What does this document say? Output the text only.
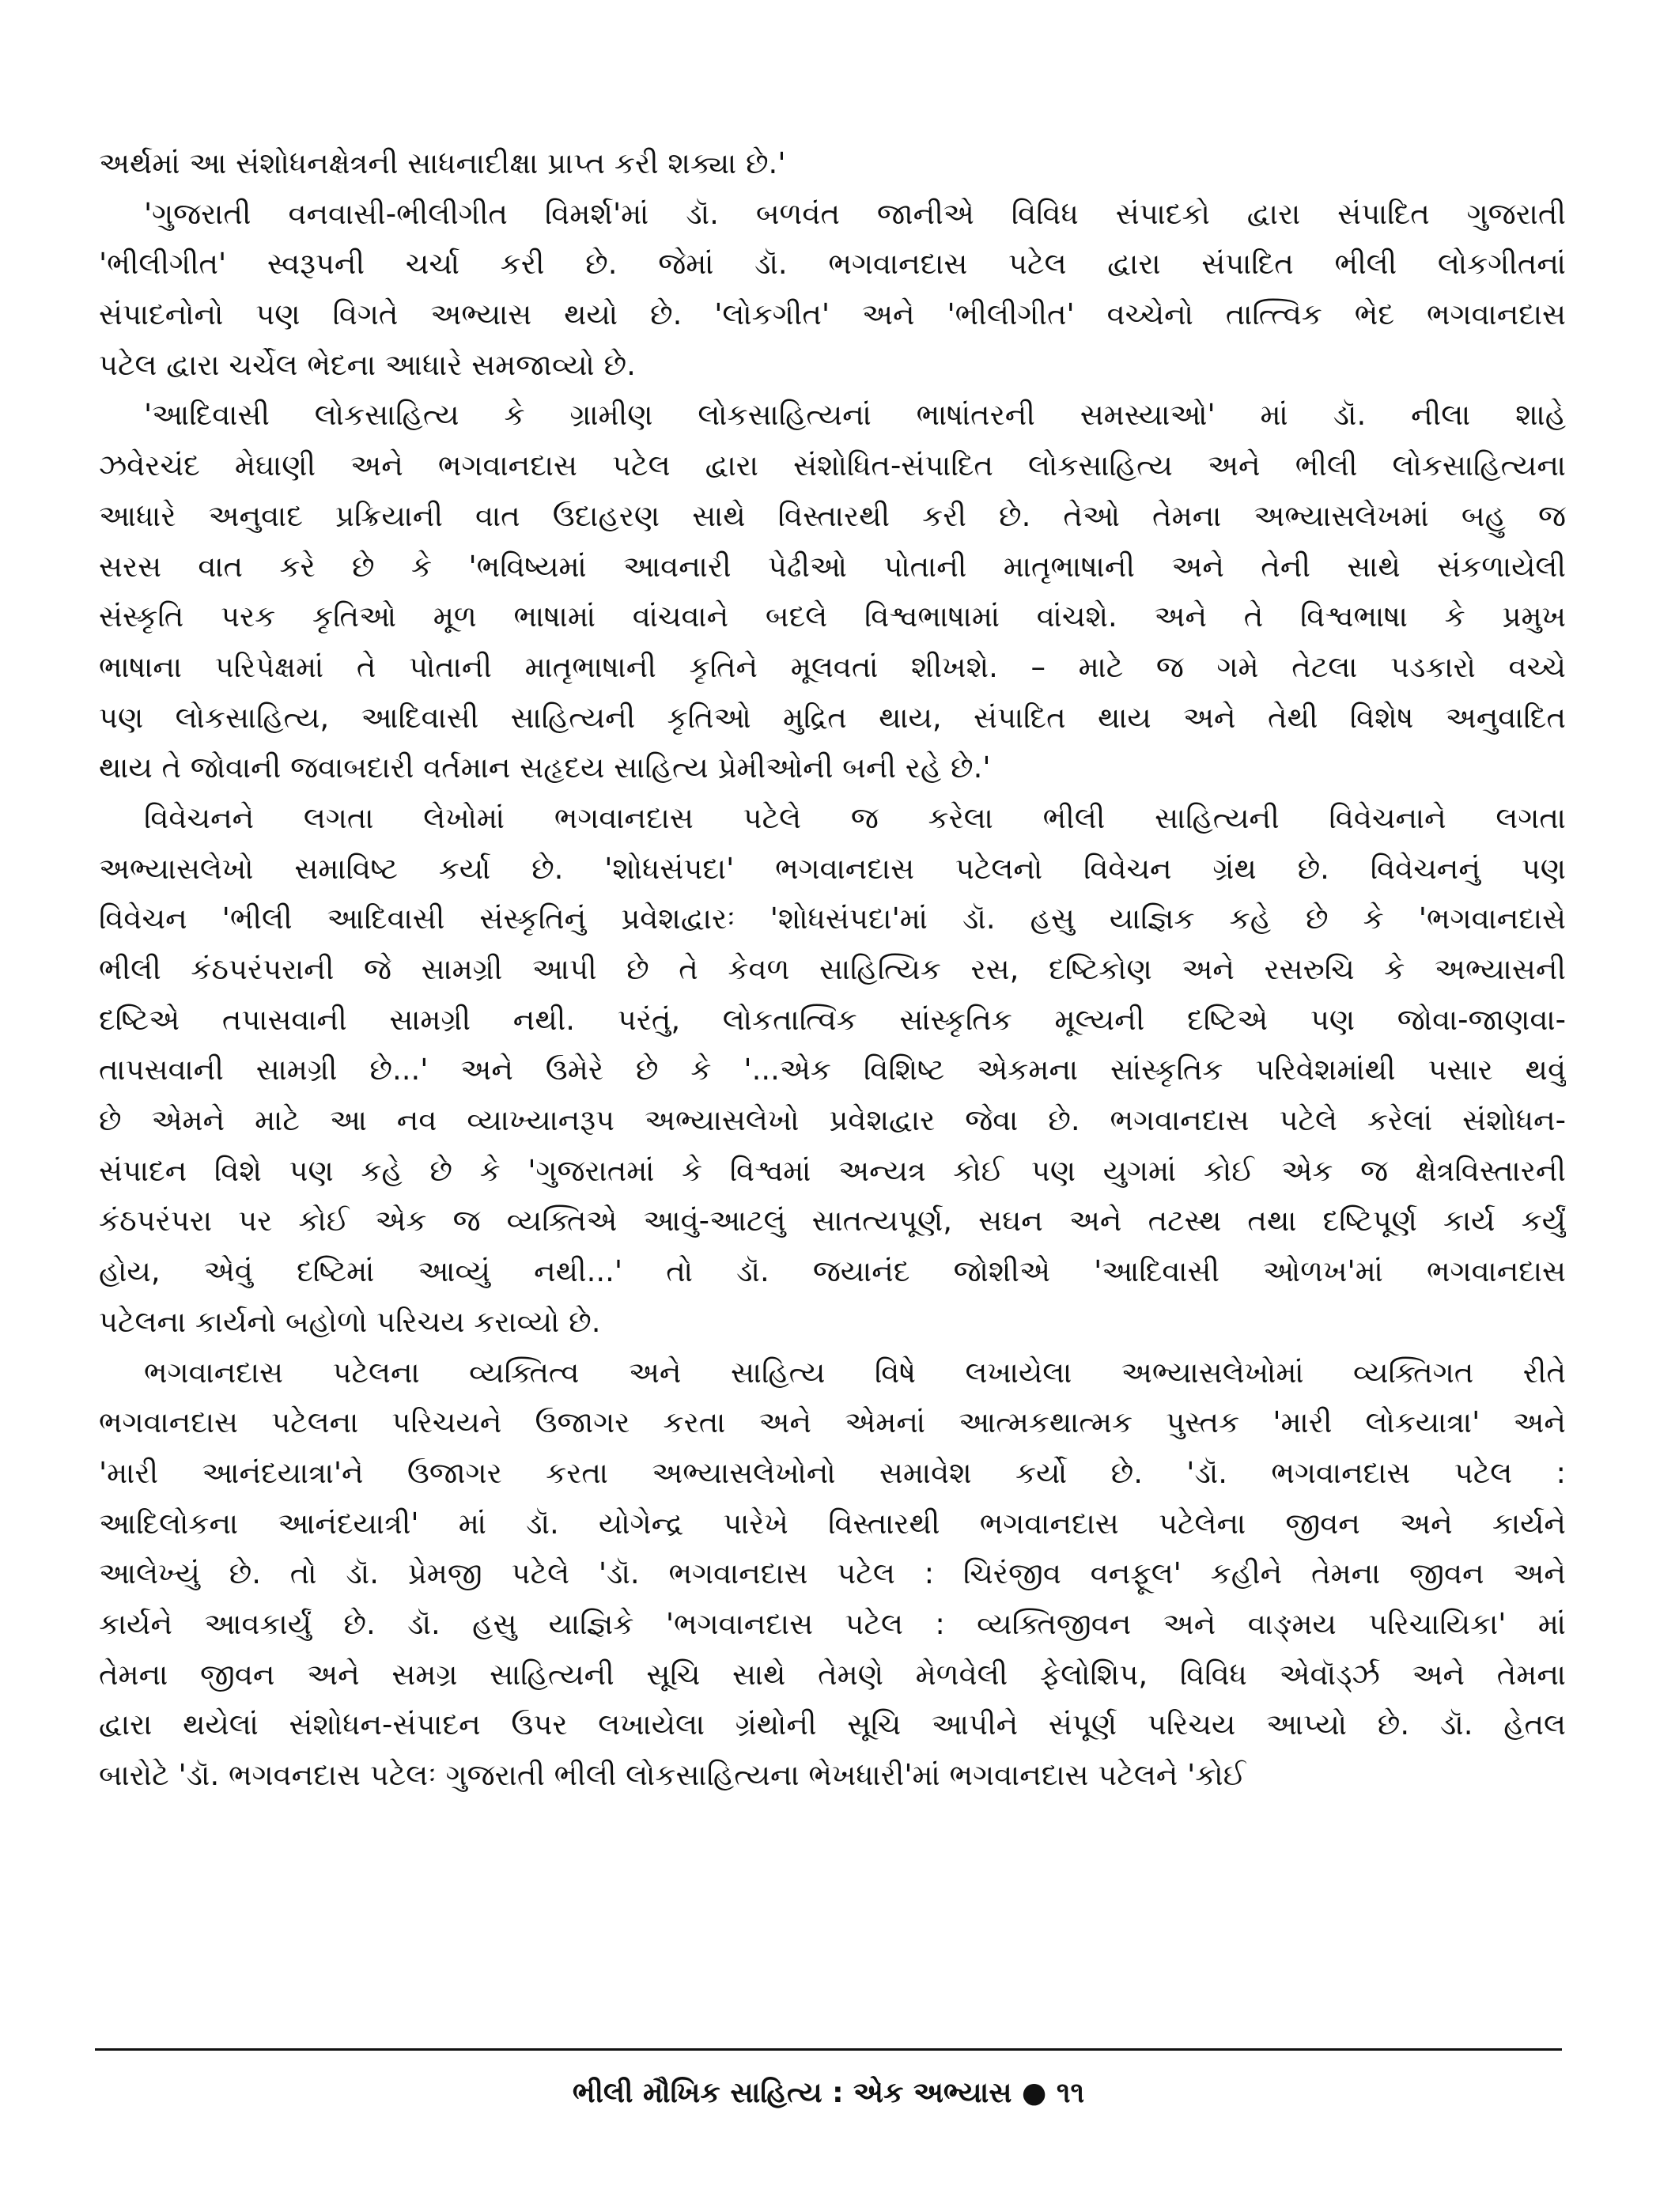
અર્થમાં આ સંશોધનક્ષેત્રની સાધનાદીક્ષા પ્રાપ્ત કરી શક્યા છે.'
'ગુજરાતી વનવાસી-ભીલીગીત વિમર્શ'માં ડૉ. બળવંત જાનીએ વિવિધ સંપાદકો દ્વારા સંપાદિત ગુજરાતી
'ભીલીગીત' સ્વરૂપની ચર્ચા કરી છે. જેમાં ડૉ. ભગવાનદાસ પટેલ દ્વારા સંપાદિત ભીલી લોકગીતનાં
સંપાદનોનો પણ વિગતે અભ્યાસ થયો છે. 'લોકગીત' અને 'ભીલીગીત' વચ્ચેનો તાત્ત્વિક ભેદ ભગવાનદાસ
પટેલ દ્વારા ચર્ચેલ ભેદના આધારે સમજાવ્યો છે.
'આદિવાસી લોકસાહિત્ય કે ગ્રામીણ લોકસાહિત્યનાં ભાષાંતરની સમસ્યાઓ' માં ડૉ. નીલા શાહે
ઝવેરચંદ મેઘાણી અને ભગવાનદાસ પટેલ દ્વારા સંશોધિત-સંપાદિત લોકસાહિત્ય અને ભીલી લોકસાહિત્યના
આધારે અનુવાદ પ્રક્રિયાની વાત ઉદાહરણ સાથે વિસ્તારથી કરી છે. તેઓ તેમના અભ્યાસલેખમાં બહુ જ
સરસ વાત કરે છે કે 'ભવિષ્યમાં આવનારી પેઢીઓ પોતાની માતૃભાષાની અને તેની સાથે સંકળાયેલી
સંસ્કૃતિ પરક કૃતિઓ મૂળ ભાષામાં વાંચવાને બદલે વિશ્વભાષામાં વાંચશે. અને તે વિશ્વભાષા કે પ્રમુખ
ભાષાના પરિપેક્ષમાં તે પોતાની માતૃભાષાની કૃતિને મૂલવતાં શીખશે. – માટે જ ગમે તેટલા પડકારો વચ્ચે
પણ લોકસાહિત્ય, આદિવાસી સાહિત્યની કૃતિઓ મુદ્રિત થાય, સંપાદિત થાય અને તેથી વિશેષ અનુવાદિત
થાય તે જોવાની જવાબદારી વર્તમાન સહૃદય સાહિત્ય પ્રેમીઓની બની રહે છે.'
વિવેચનને લગતા લેખોમાં ભગવાનદાસ પટેલે જ કરેલા ભીલી સાહિત્યની વિવેચનાને લગતા
અભ્યાસલેખો સમાવિષ્ટ કર્યા છે. 'શોધસંપદા' ભગવાનદાસ પટેલનો વિવેચન ગ્રંથ છે. વિવેચનનું પણ
વિવેચન 'ભીલી આદિવાસી સંસ્કૃતિનું પ્રવેશદ્વારઃ 'શોધસંપદા'માં ડૉ. હસુ યાજ્ઞિક કહે છે કે 'ભગવાનદાસે
ભીલી કંઠપરંપરાની જે સામગ્રી આપી છે તે કેવળ સાહિત્યિક રસ, દષ્ટિકોણ અને રસરુચિ કે અભ્યાસની
દષ્ટિએ તપાસવાની સામગ્રી નથી. પરંતું, લોકતાત્વિક સાંસ્કૃતિક મૂલ્યની દષ્ટિએ પણ જોવા-જાણવા-
તાપસવાની સામગ્રી છે...' અને ઉમેરે છે કે '...એક વિશિષ્ટ એકમના સાંસ્કૃતિક પરિવેશમાંથી પસાર થવું
છે એમને માટે આ નવ વ્યાખ્યાનરૂપ અભ્યાસલેખો પ્રવેશદ્વાર જેવા છે. ભગવાનદાસ પટેલે કરેલાં સંશોધન-
સંપાદન વિશે પણ કહે છે કે 'ગુજરાતમાં કે વિશ્વમાં અન્યત્ર કોઈ પણ યુગમાં કોઈ એક જ ક્ષેત્રવિસ્તારની
કંઠપરંપરા પર કોઈ એક જ વ્યક્તિએ આવું-આટલું સાતત્યપૂર્ણ, સઘન અને તટસ્થ તથા દષ્ટિપૂર્ણ કાર્ય કર્યું
હોય, એવું દષ્ટિમાં આવ્યું નથી...' તો ડૉ. જયાનંદ જોશીએ 'આદિવાસી ઓળખ'માં ભગવાનદાસ
પટેલના કાર્યનો બહોળો પરિચય કરાવ્યો છે.
ભગવાનદાસ પટેલના વ્યક્તિત્વ અને સાહિત્ય વિષે લખાયેલા અભ્યાસલેખોમાં વ્યક્તિગત રીતે
ભગવાનદાસ પટેલના પરિચયને ઉજાગર કરતા અને એમનાં આત્મકથાત્મક પુસ્તક 'મારી લોકયાત્રા' અને
'મારી આનંદયાત્રા'ને ઉજાગર કરતા અભ્યાસલેખોનો સમાવેશ કર્યો છે. 'ડૉ. ભગવાનદાસ પટેલ :
આદિલોકના આનંદયાત્રી' માં ડૉ. યોગેન્દ્ર પારેખે વિસ્તારથી ભગવાનદાસ પટેલેના જીવન અને કાર્યને
આલેખ્યું છે. તો ડૉ. પ્રેમજી પટેલે 'ડૉ. ભગવાનદાસ પટેલ : ચિરંજીવ વનફૂલ' કહીને તેમના જીવન અને
કાર્યને આવકાર્યું છે. ડૉ. હસુ યાજ્ઞિકે 'ભગવાનદાસ પટેલ : વ્યક્તિજીવન અને વાઙ્મય પરિચાયિકા' માં
તેમના જીવન અને સમગ્ર સાહિત્યની સૂચિ સાથે તેમણે મેળવેલી ફેલોશિપ, વિવિધ એવૉર્ડ્ઝ અને તેમના
દ્વારા થયેલાં સંશોધન-સંપાદન ઉપર લખાયેલા ગ્રંથોની સૂચિ આપીને સંપૂર્ણ પરિચય આપ્યો છે. ડૉ. હેતલ
બારોટે 'ડૉ. ભગવનદાસ પટેલઃ ગુજરાતી ભીલી લોકસાહિત્યના ભેખધારી'માં ભગવાનદાસ પટેલને 'કોઈ
ભીલી મૌખિક સાહિત્ય : એક અભ્યાસ ● ૧૧
